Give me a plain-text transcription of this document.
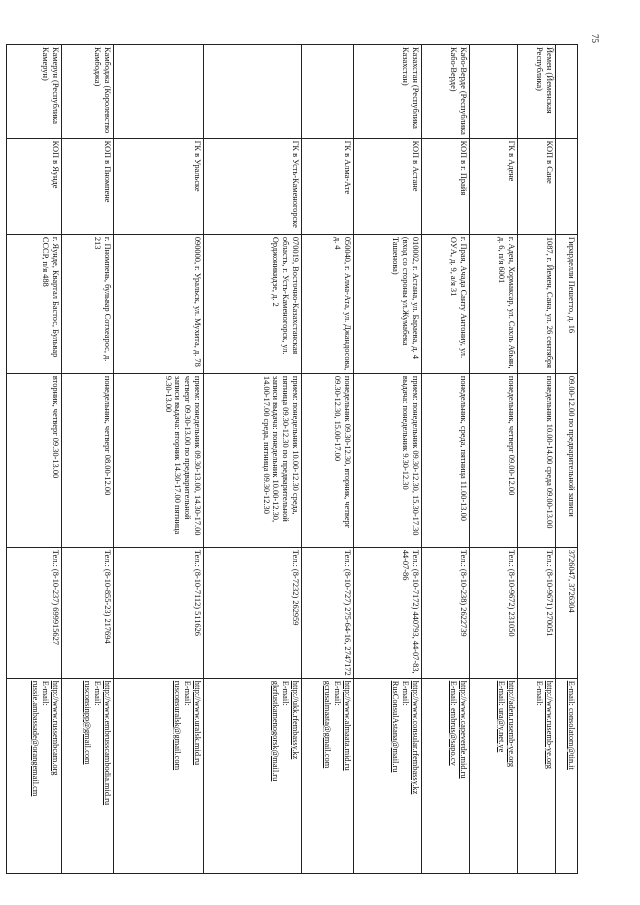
75
		Гирарделли Пешетто, д. 16	09.00-12.00 по предварительной записи	3726047, 3726304	E-mail: consolatom@tin.it

Йемен (Йеменская Республика)	КОП в Сане	1087, г. Йемен, Сана, ул. 26 сентября	понедельник 10.00-14.00 среда 09.00-13.00	Тел.: (8-10-9671) 270051	http://www.rusemb-ye.org
E-mail:

	ГК в Адене	г. Аден, Хормаксар, ул. Сахль Абьян, д. 6, п/я 6001	понедельник, четверг 09.00-12.00	Тел.: (8-10-9672) 231050	http://aden.rusemb-ye.org
E-mail: ura@y.net.ye

Кабо-Верде (Республика Кабо-Верде)	КОП в г. Прайя	г. Прая, Ачада Санту Антониу, ул. OУA, д. 9, а/я 31	понедельник, среда, пятница 11.00-13.00	Тел.: (8-10-238) 2622739	http://www.capeverde.mid.ru
E-mail: embrus@sapo.cv

Казахстан (Республика Казахстан)	КОП в Астане	010002, г. Астана, ул. Бараева, д. 4 (вход со стороны ул.Жумабека Ташенова)	прием: понедельник 09.30-12.30, 15.30-17.30 выдача: понедельник 9.30-12.30	Тел.: (8-10-7172) 440793, 44-07-83, 44-07-86	http://www.consular.rfembassy.kz
E-mail:
RusConsulAstana@mail.ru

	ГК в Алма-Ате	050040, г. Алма-Ата, ул. Джандосова, д. 4	понедельник 09.30-12.30, вторник, четверг 09.30-12.30, 15.00-17.00	Тел.: (8-10-727) 275-64-16, 2747172	http://www.almaata.mid.ru
E-mail:
gcrusalmaata@gmail.com

	ГК в Усть-Каменогорске	070019, Восточно-Казахстанская область, г. Усть-Каменогорск, ул. Орджоникидзе, д. 2	прием: понедельник 10.00-12.30 среда, пятница 09.30-12.30 по предварительной записи выдача: понедельник 10.00-12.30, 14.00-17.00 среда, пятница 09.30-12.30	Тел.: (8-7232) 262959	http://ukk.rfembassy.kz
E-mail:
gkrfustkamenogorsk@mail.ru

	ГК в Уральске	090000, г. Уральск, ул. Мухита, д. 78	прием: понедельник 09.30-13.00, 14.30-17.00 четверг 09.30-13.00 по предварительной записи выдача: вторник 14.30-17.00 пятница 9.30-13.00	Тел.: (8-10-7112) 511626	http://www.uralsk.mid.ru
E-mail:
rusconsuralsk@gmail.com

Камбоджа (Королевство Камбоджа)	КОП в Пномпене	г. Пномпень, бульвар Сотхеарос, д. 213	понедельник, четверг 08.00-12.00	Тел.: (8-10-855-23) 217694	http://www.embrusscambodia.mid.ru
E-mail:
rusconsinpp@gmail.com

Камерун (Республика Камерун)	КОП в Яунде	г. Яунде, Квартал Бастос, Бульвар СССР, п/я 488	вторник, четверг 09.30-13.00	Тел.: (8-10-237) 699915627	http://www.russembcam.org
E-mail:
russie.ambassade@orangemail.cm
